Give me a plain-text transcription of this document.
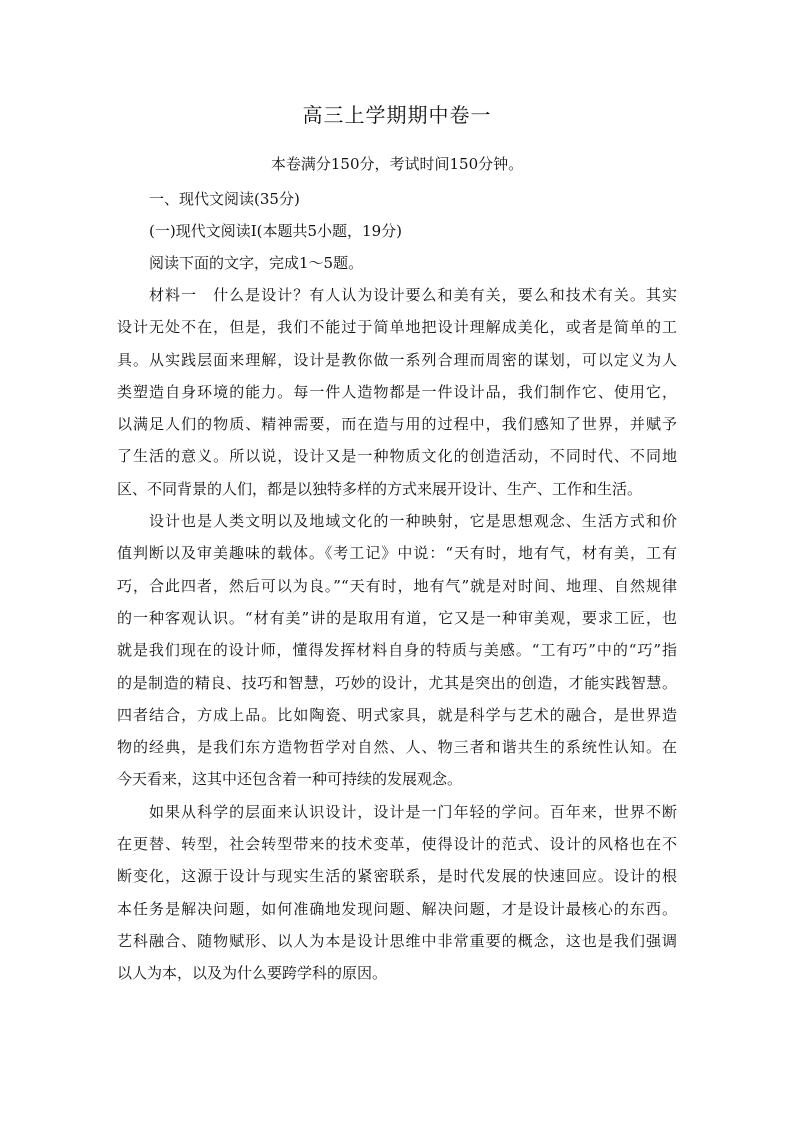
高三上学期期中卷一
本卷满分150分，考试时间150分钟。
一、现代文阅读(35分)
(一)现代文阅读Ⅰ(本题共5小题，19分)
阅读下面的文字，完成1～5题。
材料一　什么是设计？有人认为设计要么和美有关，要么和技术有关。其实
设计无处不在，但是，我们不能过于简单地把设计理解成美化，或者是简单的工
具。从实践层面来理解，设计是教你做一系列合理而周密的谋划，可以定义为人
类塑造自身环境的能力。每一件人造物都是一件设计品，我们制作它、使用它，
以满足人们的物质、精神需要，而在造与用的过程中，我们感知了世界，并赋予
了生活的意义。所以说，设计又是一种物质文化的创造活动，不同时代、不同地
区、不同背景的人们，都是以独特多样的方式来展开设计、生产、工作和生活。
设计也是人类文明以及地域文化的一种映射，它是思想观念、生活方式和价
值判断以及审美趣味的载体。《考工记》中说：“天有时，地有气，材有美，工有
巧，合此四者，然后可以为良。”“天有时，地有气”就是对时间、地理、自然规律
的一种客观认识。“材有美”讲的是取用有道，它又是一种审美观，要求工匠，也
就是我们现在的设计师，懂得发挥材料自身的特质与美感。“工有巧”中的“巧”指
的是制造的精良、技巧和智慧，巧妙的设计，尤其是突出的创造，才能实践智慧。
四者结合，方成上品。比如陶瓷、明式家具，就是科学与艺术的融合，是世界造
物的经典，是我们东方造物哲学对自然、人、物三者和谐共生的系统性认知。在
今天看来，这其中还包含着一种可持续的发展观念。
如果从科学的层面来认识设计，设计是一门年轻的学问。百年来，世界不断
在更替、转型，社会转型带来的技术变革，使得设计的范式、设计的风格也在不
断变化，这源于设计与现实生活的紧密联系，是时代发展的快速回应。设计的根
本任务是解决问题，如何准确地发现问题、解决问题，才是设计最核心的东西。
艺科融合、随物赋形、以人为本是设计思维中非常重要的概念，这也是我们强调
以人为本，以及为什么要跨学科的原因。
